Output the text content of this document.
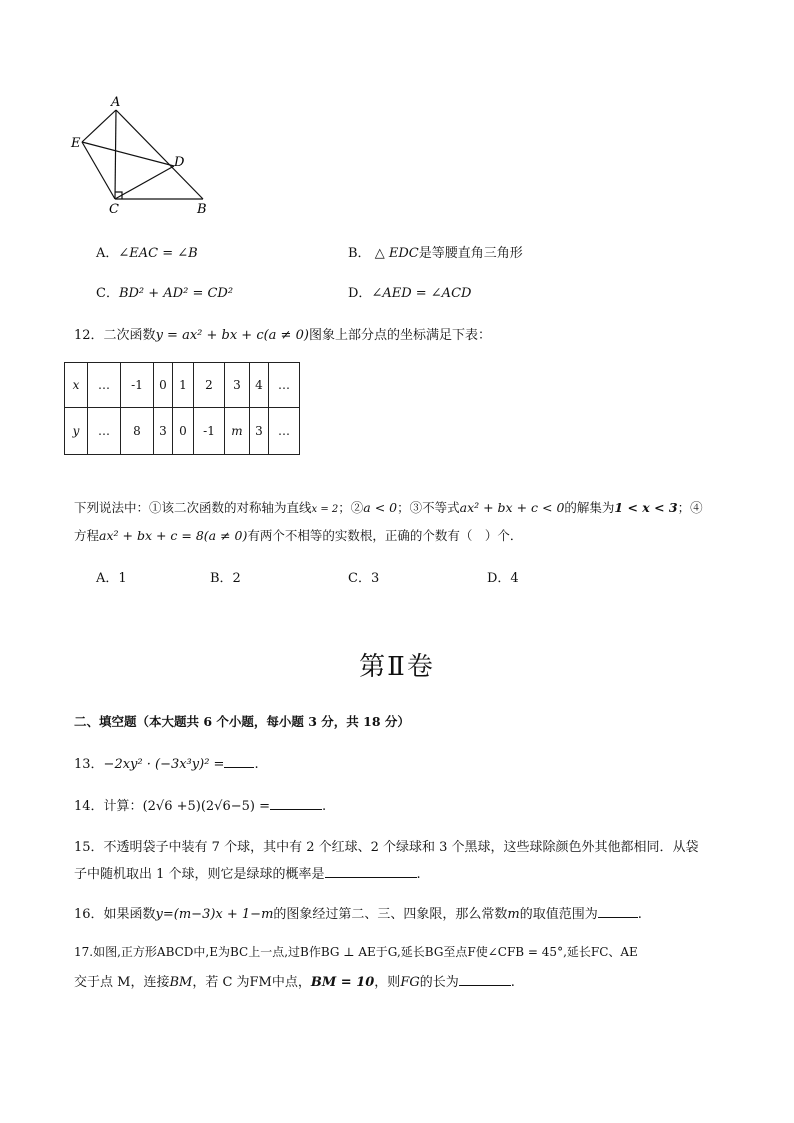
A
E
D
C	B
A．∠EAC = ∠B	B． △ EDC是等腰直角三角形
C．BD² + AD² = CD²	D．∠AED = ∠ACD
12．二次函数y = ax² + bx + c(a ≠ 0)图象上部分点的坐标满足下表：
x	…	-1	0	1	2	3	4	…
y	…	8	3	0	-1	m	3	…
下列说法中：①该二次函数的对称轴为直线x = 2；②a < 0；③不等式ax² + bx + c < 0的解集为1 < x < 3；④
方程ax² + bx + c = 8(a ≠ 0)有两个不相等的实数根，正确的个数有（　）个．
A．1	B．2	C．3	D．4
第Ⅱ卷
二、填空题（本大题共 6 个小题，每小题 3 分，共 18 分）
13．−2xy² · (−3x³y)² = .
14．计算：(2√6 +5)(2√6−5) =	.
15．不透明袋子中装有 7 个球，其中有 2 个红球、2 个绿球和 3 个黑球，这些球除颜色外其他都相同．从袋
子中随机取出 1 个球，则它是绿球的概率是	.
16．如果函数y=(m−3)x + 1−m的图象经过第二、三、四象限，那么常数m的取值范围为	.
17.如图,正方形ABCD中,E为BC上一点,过B作BG ⊥ AE于G,延长BG至点F使∠CFB = 45°,延长FC、AE
交于点 M，连接BM，若 C 为FM中点，BM = 10，则FG的长为	.
